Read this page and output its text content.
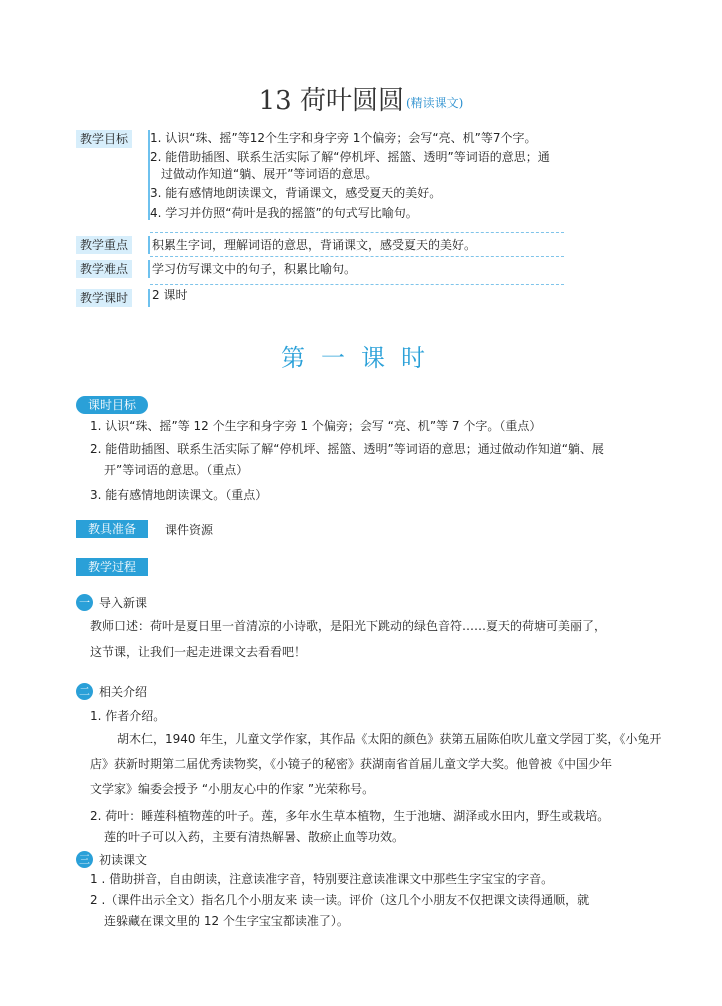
13 荷叶圆圆 (精读课文)
教学目标	1. 认识“珠、摇”等12个生字和身字旁 1个偏旁；会写“亮、机”等7个字。
2. 能借助插图、联系生活实际了解“停机坪、摇篮、透明”等词语的意思；通
过做动作知道“躺、展开”等词语的意思。
3. 能有感情地朗读课文，背诵课文，感受夏天的美好。
4. 学习并仿照“荷叶是我的摇篮”的句式写比喻句。
教学重点	积累生字词，理解词语的意思，背诵课文，感受夏天的美好。
教学难点	学习仿写课文中的句子，积累比喻句。
教学课时	2 课时
第一课时
课时目标
1. 认识“珠、摇”等 12 个生字和身字旁 1 个偏旁；会写 “亮、机”等 7 个字。（重点）
2. 能借助插图、联系生活实际了解“停机坪、摇篮、透明”等词语的意思；通过做动作知道“躺、展
开”等词语的意思。（重点）
3. 能有感情地朗读课文。（重点）
教具准备	课件资源
教学过程
一 导入新课
教师口述：荷叶是夏日里一首清凉的小诗歌，是阳光下跳动的绿色音符……夏天的荷塘可美丽了，
这节课，让我们一起走进课文去看看吧！
二 相关介绍
1. 作者介绍。
胡木仁，1940 年生，儿童文学作家，其作品《太阳的颜色》获第五届陈伯吹儿童文学园丁奖，《小兔开
店》获新时期第二届优秀读物奖，《小镜子的秘密》获湖南省首届儿童文学大奖。他曾被《中国少年
文学家》编委会授予 “小朋友心中的作家 ”光荣称号。
2. 荷叶：睡莲科植物莲的叶子。莲，多年水生草本植物，生于池塘、湖泽或水田内，野生或栽培。
莲的叶子可以入药，主要有清热解暑、散瘀止血等功效。
三 初读课文
1 . 借助拼音，自由朗读，注意读准字音，特别要注意读准课文中那些生字宝宝的字音。
2 .（课件出示全文）指名几个小朋友来 读一读。评价（这几个小朋友不仅把课文读得通顺，就
连躲藏在课文里的 12 个生字宝宝都读准了）。
